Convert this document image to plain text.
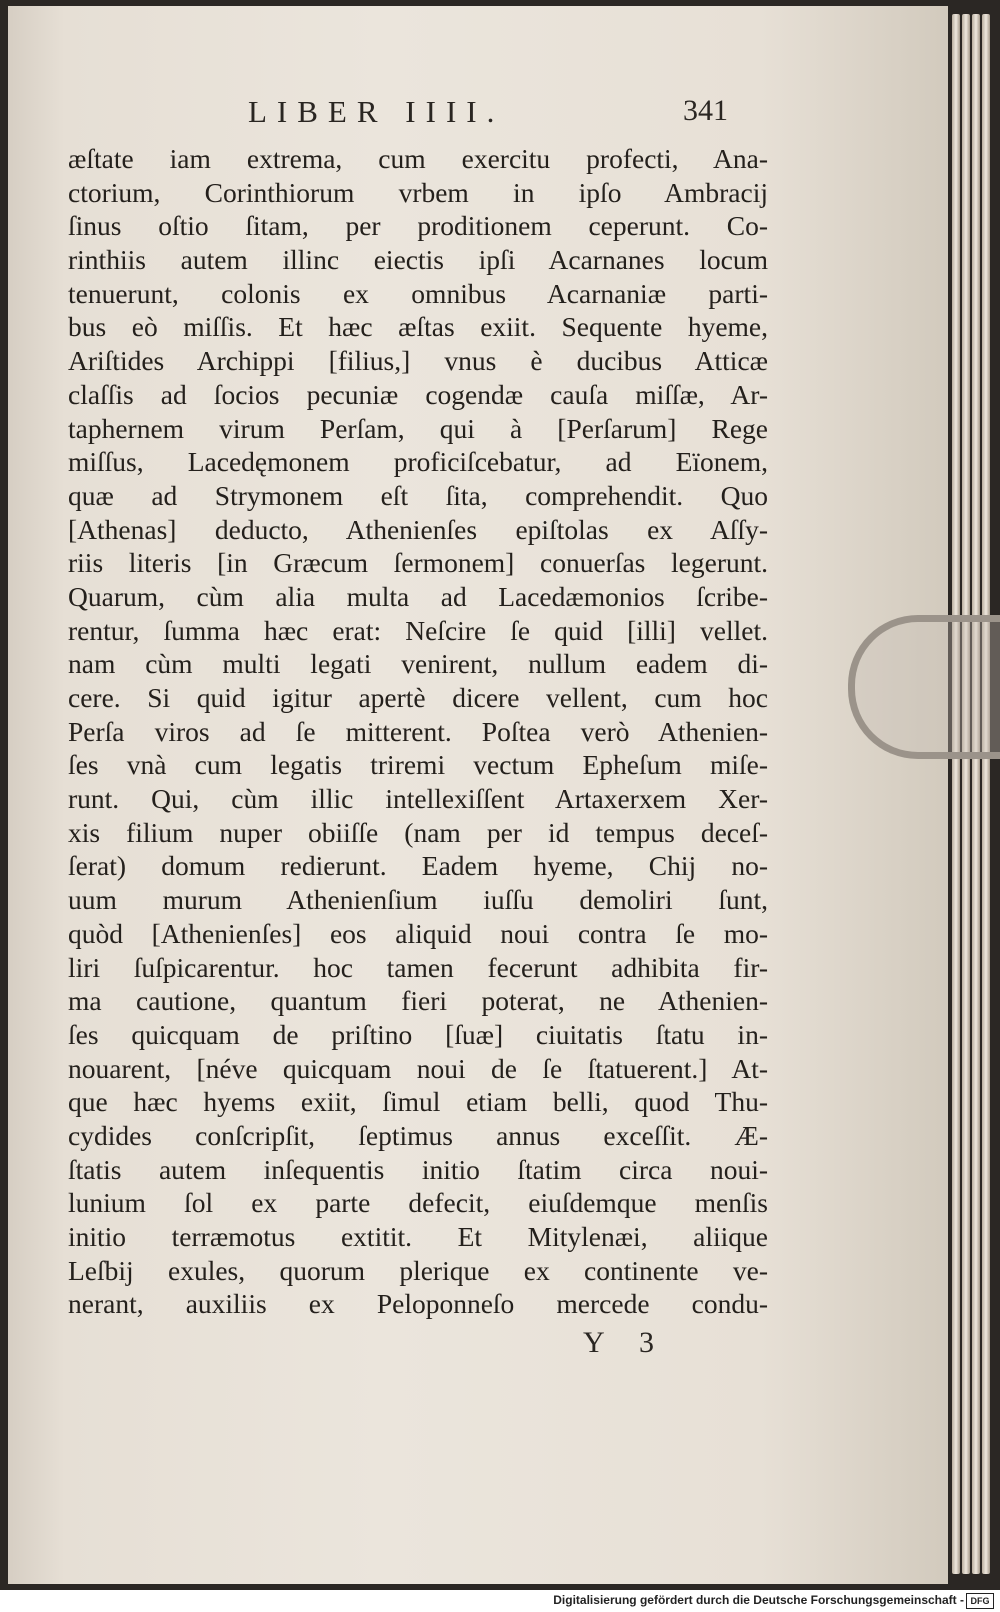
LIBER IIII.	341
æſtate iam extrema, cum exercitu profecti, Ana-
ctorium, Corinthiorum vrbem in ipſo Ambracij
ſinus oſtio ſitam, per proditionem ceperunt. Co-
rinthiis autem illinc eiectis ipſi Acarnanes locum
tenuerunt, colonis ex omnibus Acarnaniæ parti-
bus eò miſſis. Et hæc æſtas exiit. Sequente hyeme,
Ariſtides Archippi [filius,] vnus è ducibus Atticæ
claſſis ad ſocios pecuniæ cogendæ cauſa miſſæ, Ar-
taphernem virum Perſam, qui à [Perſarum] Rege
miſſus, Lacedęmonem proficiſcebatur, ad Eïonem,
quæ ad Strymonem eſt ſita, comprehendit. Quo
[Athenas] deducto, Athenienſes epiſtolas ex Aſſy-
riis literis [in Græcum ſermonem] conuerſas legerunt.
Quarum, cùm alia multa ad Lacedæmonios ſcribe-
rentur, ſumma hæc erat: Neſcire ſe quid [illi] vellet.
nam cùm multi legati venirent, nullum eadem di-
cere. Si quid igitur apertè dicere vellent, cum hoc
Perſa viros ad ſe mitterent. Poſtea verò Athenien-
ſes vnà cum legatis triremi vectum Epheſum miſe-
runt. Qui, cùm illic intellexiſſent Artaxerxem Xer-
xis filium nuper obiiſſe (nam per id tempus deceſ-
ſerat) domum redierunt. Eadem hyeme, Chij no-
uum murum Athenienſium iuſſu demoliri ſunt,
quòd [Athenienſes] eos aliquid noui contra ſe mo-
liri ſuſpicarentur. hoc tamen fecerunt adhibita fir-
ma cautione, quantum fieri poterat, ne Athenien-
ſes quicquam de priſtino [ſuæ] ciuitatis ſtatu in-
nouarent, [néve quicquam noui de ſe ſtatuerent.] At-
que hæc hyems exiit, ſimul etiam belli, quod Thu-
cydides conſcripſit, ſeptimus annus exceſſit. Æ-
ſtatis autem inſequentis initio ſtatim circa noui-
lunium ſol ex parte defecit, eiuſdemque menſis
initio terræmotus extitit. Et Mitylenæi, aliique
Leſbij exules, quorum plerique ex continente ve-
nerant, auxiliis ex Peloponneſo mercede condu-
Y 3
Digitalisierung gefördert durch die Deutsche Forschungsgemeinschaft - DFG
